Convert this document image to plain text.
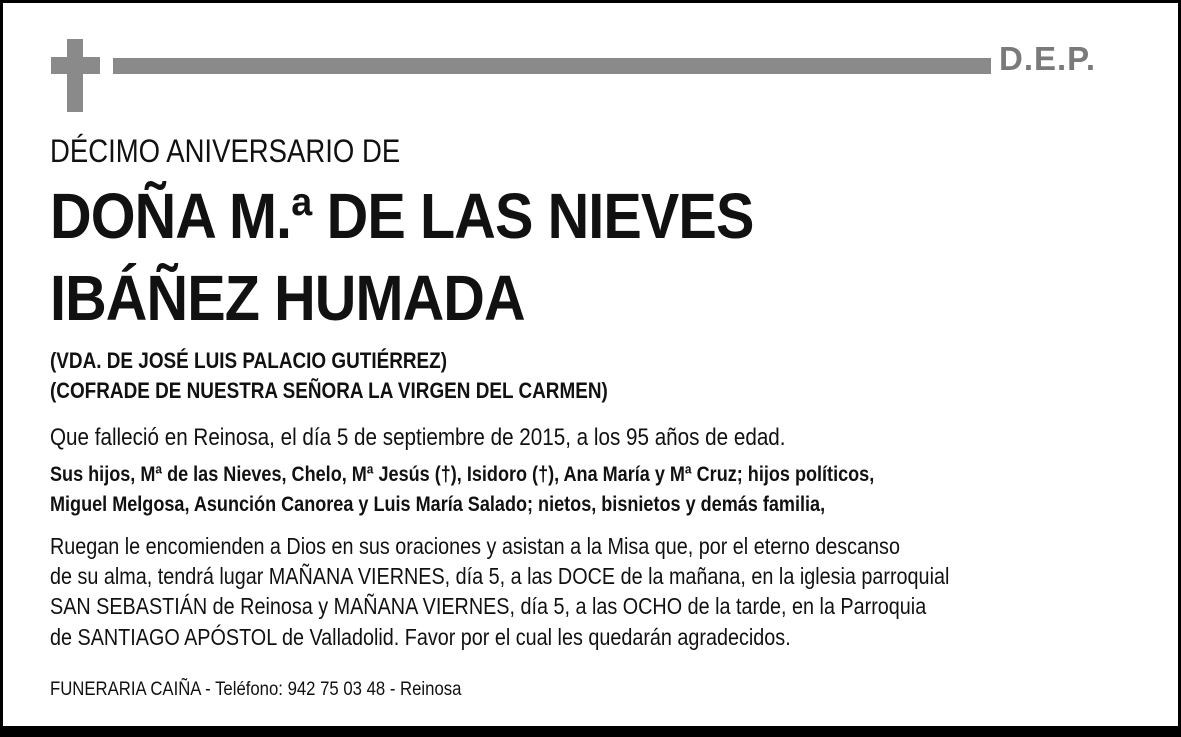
D.E.P.
DÉCIMO ANIVERSARIO DE
DOÑA M.ª DE LAS NIEVES
IBÁÑEZ HUMADA
(VDA. DE JOSÉ LUIS PALACIO GUTIÉRREZ)
(COFRADE DE NUESTRA SEÑORA LA VIRGEN DEL CARMEN)
Que falleció en Reinosa, el día 5 de septiembre de 2015, a los 95 años de edad.
Sus hijos, Mª de las Nieves, Chelo, Mª Jesús (†), Isidoro (†), Ana María y Mª Cruz; hijos políticos,
Miguel Melgosa, Asunción Canorea y Luis María Salado; nietos, bisnietos y demás familia,
Ruegan le encomienden a Dios en sus oraciones y asistan a la Misa que, por el eterno descanso
de su alma, tendrá lugar MAÑANA VIERNES, día 5, a las DOCE de la mañana, en la iglesia parroquial
SAN SEBASTIÁN de Reinosa y MAÑANA VIERNES, día 5, a las OCHO de la tarde, en la Parroquia
de SANTIAGO APÓSTOL de Valladolid. Favor por el cual les quedarán agradecidos.
FUNERARIA CAIÑA - Teléfono: 942 75 03 48 - Reinosa
